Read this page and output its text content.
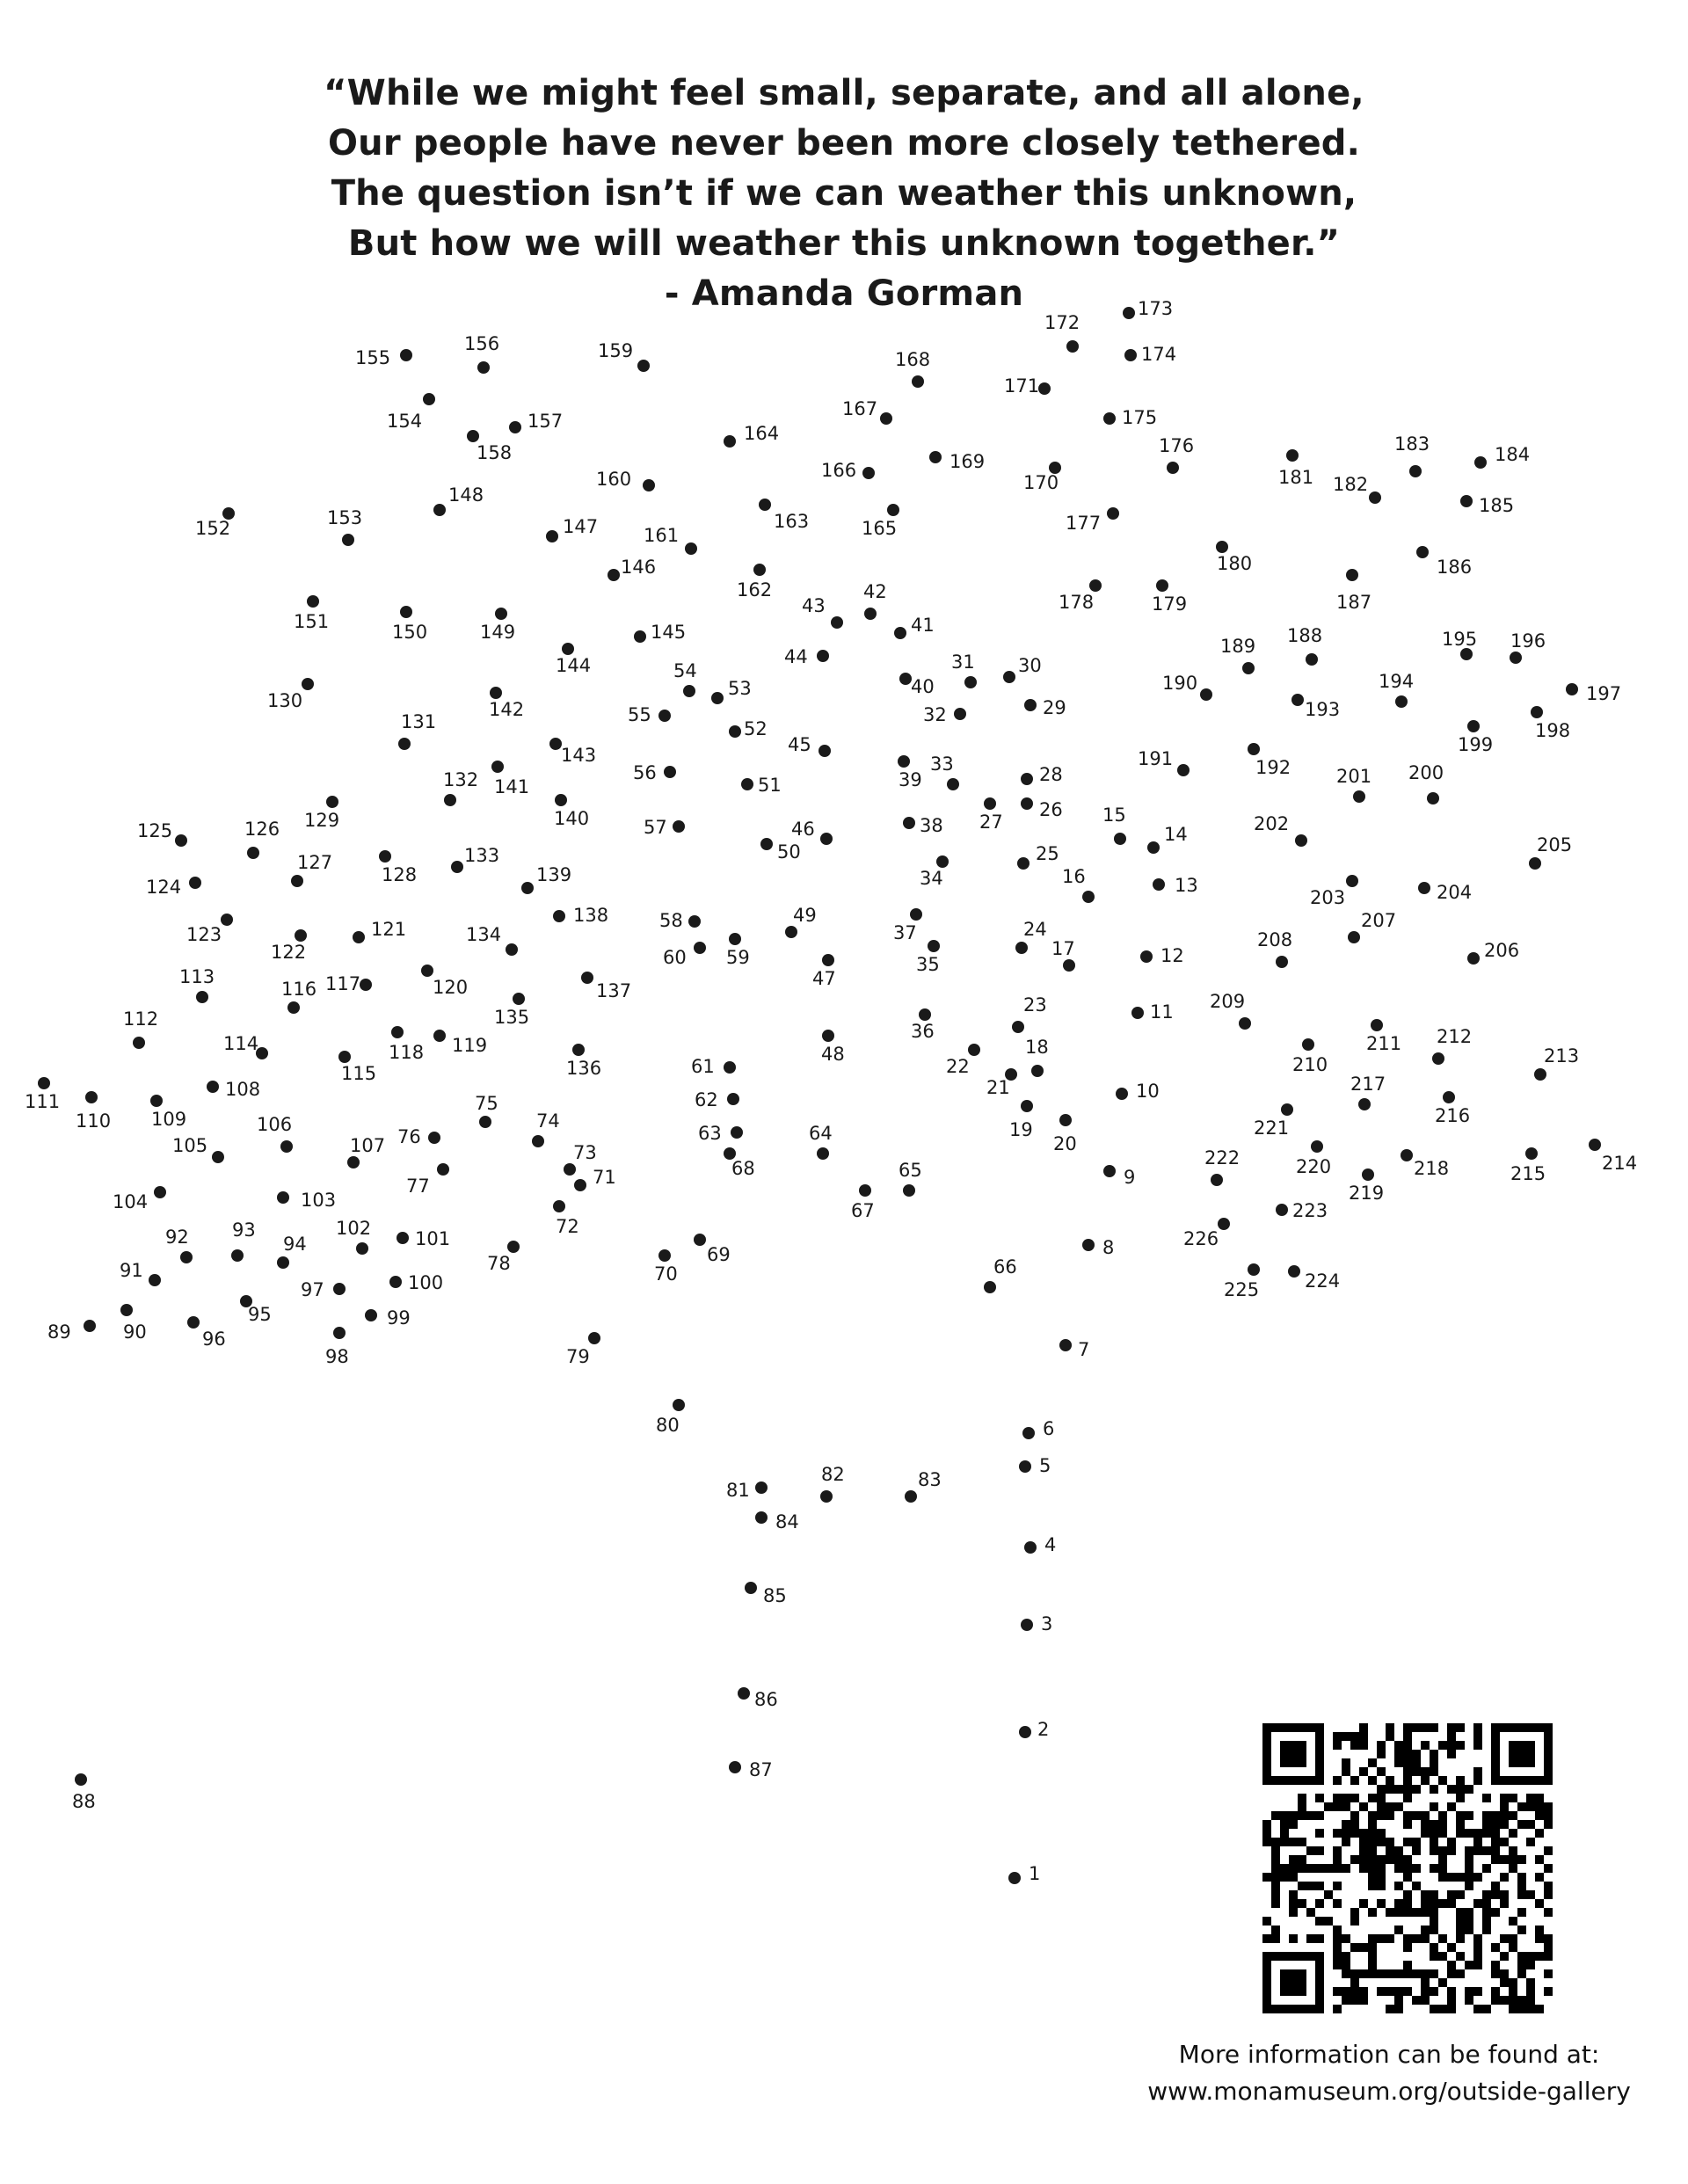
“While we might feel small, separate, and all alone,
Our people have never been more closely tethered.
The question isn’t if we can weather this unknown,
But how we will weather this unknown together.”
- Amanda Gorman
1
2
3
4
5
6
7
8
9
10
11
12
13
14
15
16
17
18
19
20
21
22
23
24
25
26
27
28
29
30
31
32
33
34
35
36
37
38
39
40
41
42
43
44
45
46
47
48
49
50
51
52
53
54
55
56
57
58
59
60
61
62
63	64
65
66
67
68
69
70
71
72
73
74
75
76
77
78
79
80
81
82	83
84
85
86
87
88
89	90
91
92 93
94
95
96
97
98
99
100
101
102
103
104
105
106
107
108
109
110
111
112
113
114
115
116 117
118 119
120
121
122
123
124
125	126
127
128
129
130
131
132
133
134
135
136
137
138
139
140
141
142
143
144
145
146
147
148
149
150
151
152	153
154
155
156
157
158
159
160
161
162
163
164
165
166
167
168
169
170
171
172
173
174
175
176
177
178	179
180
181 182
183	184
185
186
187
188
189
190
191	192
193
194
195 196
197
198
199
200
201
202
203	204
205
206
207
208
209
210
211 212
213
214
215
216
217
218
219
220
221
222
223
224
225
226
More information can be found at:
www.monamuseum.org/outside-gallery
